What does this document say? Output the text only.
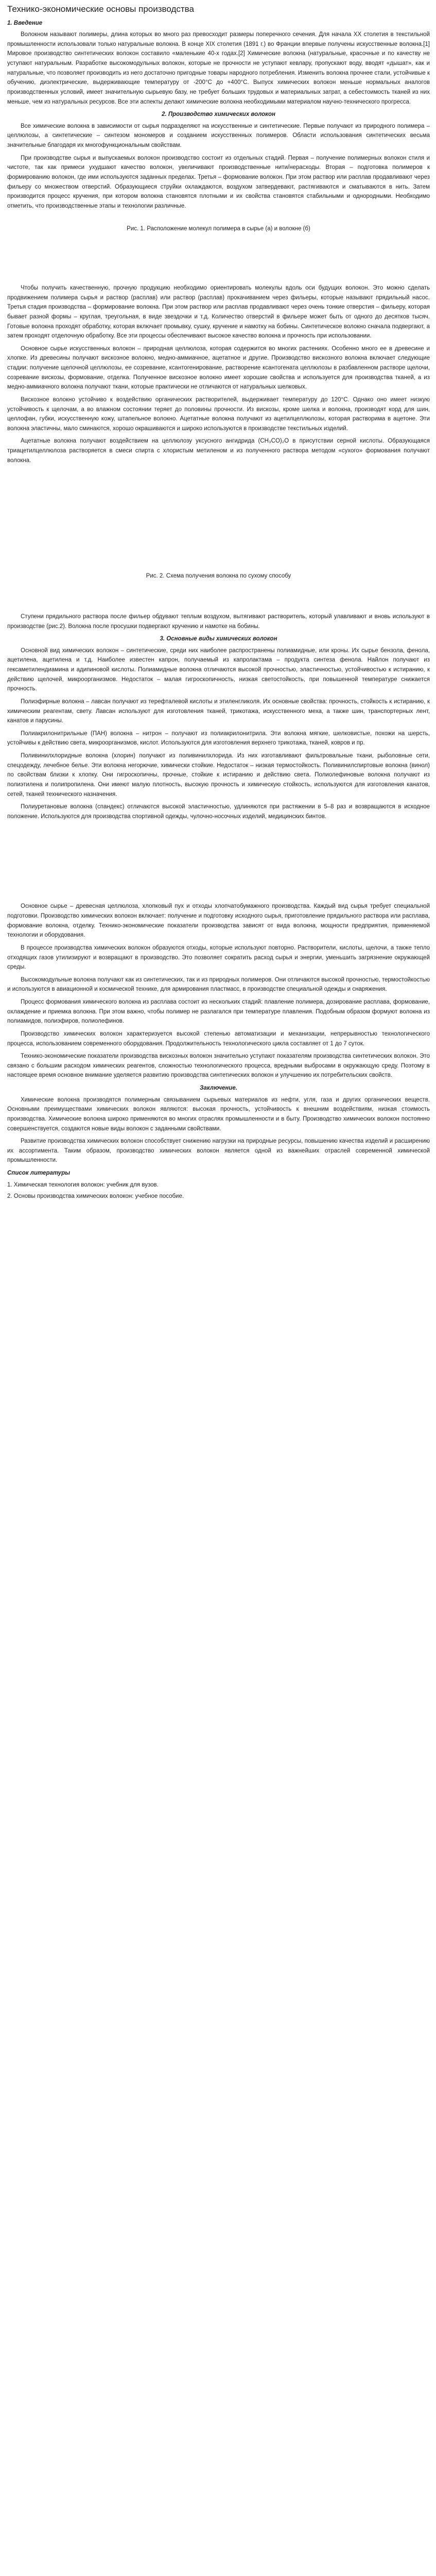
Технико-экономические основы производства
1. Введение

Волокном называют полимеры, длина которых во много раз превосходит размеры поперечного сечения. Для начала XX столетия в текстильной промышленности использовали только натуральные волокна. В конце XIX столетия (1891 г.) во Франции впервые получены искусственные волокна.[1] Мировое производство синтетических волокон составило «маленькие 40-х годах.[2] Химические волокна (натуральные, красочные и по качеству не уступают натуральным. Разработке высокомодульных волокон, которые не прочности не уступают кевлару, пропускают воду, вводят «дышат», как и натуральные, что позволяет производить из него достаточно пригодные товары народного потребления. Изменить волокна прочнее стали, устойчивые к обучению, диэлектрические, выдерживающие температуру от -200°С до +400°С. Выпуск химических волокон меньше нормальных аналогов производственных условий, имеет значительную сырьевую базу, не требует больших трудовых и материальных затрат, а себестоимость тканей из них меньше, чем из натуральных ресурсов. Все эти аспекты делают химические волокна необходимыми материалом научно-технического прогресса.

2. Производство химических волокон

Все химические волокна в зависимости от сырья подразделяют на искусственные и синтетические. Первые получают из природного полимера – целлюлозы, а синтетические – синтезом мономеров и созданием искусственных полимеров. Области использования синтетических весьма значительные благодаря их многофункциональным свойствам.

При производстве сырья и выпускаемых волокон производство состоит из отдельных стадий. Первая – получение полимерных волокон стиля и чистоте, так как примеси ухудшают качество волокон, увеличивают производственные нити/нерасходы. Вторая – подготовка полимеров к формированию волокон, где ими используются заданных пределах. Третья – формование волокон. При этом раствор или расплав продавливают через фильеру со множеством отверстий. Образующиеся струйки охлаждаются, воздухом затвердевают, растягиваются и сматываются в нить. Затем производится процесс кручения, при котором волокна становятся плотными и их свойства становятся стабильными и однородными. Необходимо отметить, что производственные этапы и технологии различные.

Рис. 1. Расположение молекул полимера в сырье (а) и волокне (б)

Чтобы получить качественную, прочную продукцию необходимо ориентировать молекулы вдоль оси будущих волокон. Это можно сделать продвижением полимера сырья и раствор (расплав) или раствор (расплав) прокачиванием через фильеры, которые называют прядильный насос. Третья стадия производства – формирование волокна. При этом раствор или расплав продавливают через очень тонкие отверстия – фильеру, которая бывает разной формы – круглая, треугольная, в виде звездочки и т.д. Количество отверстий в фильере может быть от одного до десятков тысяч. Готовые волокна проходят обработку, которая включает промывку, сушку, кручение и намотку на бобины. Синтетическое волокно сначала подвергают, а затем проходят отделочную обработку. Все эти процессы обеспечивают высокое качество волокна и прочность при использовании.

Основное сырье искусственных волокон – природная целлюлоза, которая содержится во многих растениях. Особенно много ее в древесине и хлопке. Из древесины получают вискозное волокно, медно-аммиачное, ацетатное и другие. Производство вискозного волокна включает следующие стадии: получение щелочной целлюлозы, ее созревание, ксантогенирование, растворение ксантогената целлюлозы в разбавленном растворе щелочи, созревание вискозы, формование, отделка. Полученное вискозное волокно имеет хорошие свойства и используется для производства тканей, а из медно-аммиачного волокна получают ткани, которые практически не отличаются от натуральных шелковых.

Вискозное волокно устойчиво к воздействию органических растворителей, выдерживает температуру до 120°С. Однако оно имеет низкую устойчивость к щелочам, а во влажном состоянии теряет до половины прочности. Из вискозы, кроме шелка и волокна, производят корд для шин, целлофан, губки, искусственную кожу, штапельное волокно. Ацетатные волокна получают из ацетилцеллюлозы, которая растворима в ацетоне. Эти волокна эластичны, мало сминаются, хорошо окрашиваются и широко используются в производстве текстильных изделий.

Ацетатные волокна получают воздействием на целлюлозу уксусного ангидрида (CH₃CO)₂O в присутствии серной кислоты. Образующаяся триацетилцеллюлоза растворяется в смеси спирта с хлористым метиленом и из полученного раствора методом «сухого» формования получают волокна.

Рис. 2. Схема получения волокна по сухому способу

Ступени прядильного раствора после фильер обдувают теплым воздухом, вытягивают растворитель, который улавливают и вновь используют в производстве (рис.2). Волокна после просушки подвергают кручению и намотке на бобины.

3. Основные виды химических волокон

Основной вид химических волокон – синтетические, среди них наиболее распространены полиамидные, или кроны. Их сырье бензола, фенола, ацетилена, ацетилена и т.д. Наиболее известен капрон, получаемый из капролактама – продукта синтеза фенола. Найлон получают из гексаметилендиамина и адипиновой кислоты. Полиамидные волокна отличаются высокой прочностью, эластичностью, устойчивостью к истиранию, к действию щелочей, микроорганизмов. Недостаток – малая гигроскопичность, низкая светостойкость, при повышенной температуре снижается прочность.

Полиэфирные волокна – лавсан получают из терефталевой кислоты и этиленгликоля. Их основные свойства: прочность, стойкость к истиранию, к химическим реагентам, свету. Лавсан используют для изготовления тканей, трикотажа, искусственного меха, а также шин, транспортерных лент, канатов и парусины.

Полиакрилонитрильные (ПАН) волокна – нитрон – получают из полиакрилонитрила. Эти волокна мягкие, шелковистые, похожи на шерсть, устойчивы к действию света, микроорганизмов, кислот. Используются для изготовления верхнего трикотажа, тканей, ковров и пр.

Поливинилхлоридные волокна (хлорин) получают из поливинилхлорида. Из них изготавливают фильтровальные ткани, рыболовные сети, спецодежду, лечебное белье. Эти волокна негорючие, химически стойкие. Недостаток – низкая термостойкость. Поливинилспиртовые волокна (винол) по свойствам близки к хлопку. Они гигроскопичны, прочные, стойкие к истиранию и действию света. Полиолефиновые волокна получают из полиэтилена и полипропилена. Они имеют малую плотность, высокую прочность и химическую стойкость, используются для изготовления канатов, сетей, тканей технического назначения.

Полиуретановые волокна (спандекс) отличаются высокой эластичностью, удлиняются при растяжении в 5–8 раз и возвращаются в исходное положение. Используются для производства спортивной одежды, чулочно-носочных изделий, медицинских бинтов.

Основное сырье – древесная целлюлоза, хлопковый пух и отходы хлопчатобумажного производства. Каждый вид сырья требует специальной подготовки. Производство химических волокон включает: получение и подготовку исходного сырья, приготовление прядильного раствора или расплава, формование волокна, отделку. Технико-экономические показатели производства зависят от вида волокна, мощности предприятия, применяемой технологии и оборудования.

В процессе производства химических волокон образуются отходы, которые используют повторно. Растворители, кислоты, щелочи, а также тепло отходящих газов утилизируют и возвращают в производство. Это позволяет сократить расход сырья и энергии, уменьшить загрязнение окружающей среды.

Высокомодульные волокна получают как из синтетических, так и из природных полимеров. Они отличаются высокой прочностью, термостойкостью и используются в авиационной и космической технике, для армирования пластмасс, в производстве специальной одежды и снаряжения.

Процесс формования химического волокна из расплава состоит из нескольких стадий: плавление полимера, дозирование расплава, формование, охлаждение и приемка волокна. При этом важно, чтобы полимер не разлагался при температуре плавления. Подобным образом формуют волокна из полиамидов, полиэфиров, полиолефинов.

Производство химических волокон характеризуется высокой степенью автоматизации и механизации, непрерывностью технологического процесса, использованием современного оборудования. Продолжительность технологического цикла составляет от 1 до 7 суток.

Технико-экономические показатели производства вискозных волокон значительно уступают показателям производства синтетических волокон. Это связано с большим расходом химических реагентов, сложностью технологического процесса, вредными выбросами в окружающую среду. Поэтому в настоящее время основное внимание уделяется развитию производства синтетических волокон и улучшению их потребительских свойств.

Заключение.

Химические волокна производятся полимерным связыванием сырьевых материалов из нефти, угля, газа и других органических веществ. Основными преимуществами химических волокон являются: высокая прочность, устойчивость к внешним воздействиям, низкая стоимость производства. Химические волокна широко применяются во многих отраслях промышленности и в быту. Производство химических волокон постоянно совершенствуется, создаются новые виды волокон с заданными свойствами.

Развитие производства химических волокон способствует снижению нагрузки на природные ресурсы, повышению качества изделий и расширению их ассортимента. Таким образом, производство химических волокон является одной из важнейших отраслей современной химической промышленности.

Список литературы

1. Химическая технология волокон: учебник для вузов.

2. Основы производства химических волокон: учебное пособие.
